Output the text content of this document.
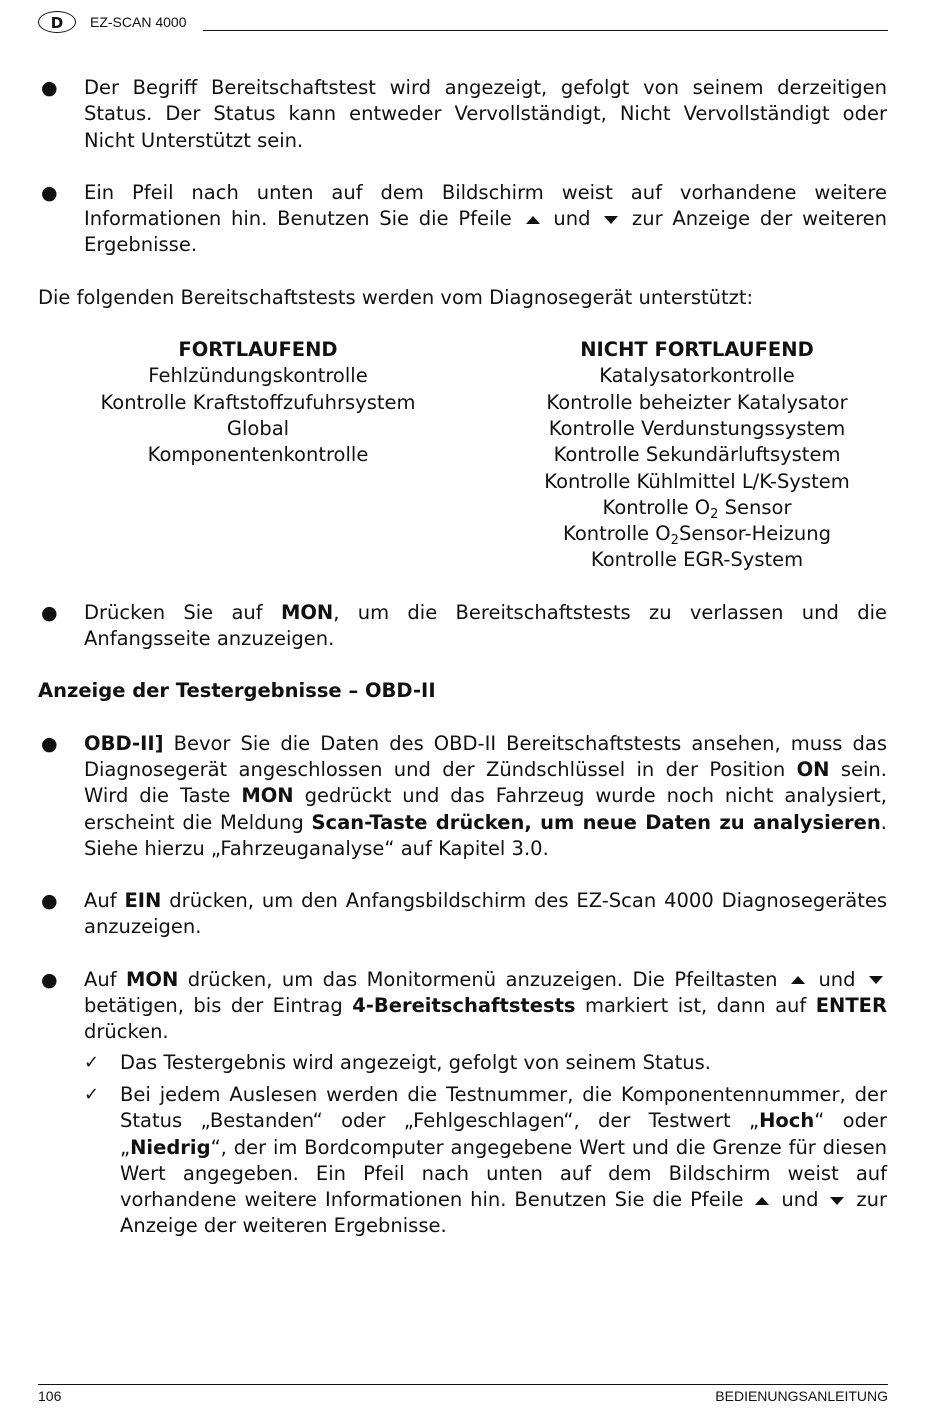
D	EZ-SCAN 4000
● Der Begriff Bereitschaftstest wird angezeigt, gefolgt von seinem derzeitigen Status. Der Status kann entweder Vervollständigt, Nicht Vervollständigt oder Nicht Unterstützt sein.

● Ein Pfeil nach unten auf dem Bildschirm weist auf vorhandene weitere Informationen hin. Benutzen Sie die Pfeile und zur Anzeige der weiteren Ergebnisse.

Die folgenden Bereitschaftstests werden vom Diagnosegerät unterstützt:

FORTLAUFEND
Fehlzündungskontrolle
Kontrolle Kraftstoffzufuhrsystem
Global
Komponentenkontrolle
NICHT FORTLAUFEND
Katalysatorkontrolle
Kontrolle beheizter Katalysator
Kontrolle Verdunstungssystem
Kontrolle Sekundärluftsystem
Kontrolle Kühlmittel L/K-System
Kontrolle $O_2$ Sensor
Kontrolle $O_2Sensor$-Heizung
Kontrolle EGR-System
● Drücken Sie auf MON, um die Bereitschaftstests zu verlassen und die Anfangsseite anzuzeigen.

Anzeige der Testergebnisse – OBD-II

● OBD-II] Bevor Sie die Daten des OBD-II Bereitschaftstests ansehen, muss das Diagnosegerät angeschlossen und der Zündschlüssel in der Position ON sein. Wird die Taste MON gedrückt und das Fahrzeug wurde noch nicht analysiert, erscheint die Meldung Scan-Taste drücken, um neue Daten zu analysieren. Siehe hierzu „Fahrzeuganalyse“ auf Kapitel 3.0.

● Auf EIN drücken, um den Anfangsbildschirm des EZ-Scan 4000 Diagnosegerätes anzuzeigen.

● Auf MON drücken, um das Monitormenü anzuzeigen. Die Pfeiltasten und  betätigen, bis der Eintrag 4-Bereitschaftstests markiert ist, dann auf ENTER drücken.

✓ Das Testergebnis wird angezeigt, gefolgt von seinem Status.
✓ Bei jedem Auslesen werden die Testnummer, die Komponentennummer, der Status „Bestanden“ oder „Fehlgeschlagen“, der Testwert „Hoch“ oder „Niedrig“, der im Bordcomputer angegebene Wert und die Grenze für diesen Wert angegeben. Ein Pfeil nach unten auf dem Bildschirm weist auf vorhandene weitere Informationen hin. Benutzen Sie die Pfeile und zur Anzeige der weiteren Ergebnisse.
106	BEDIENUNGSANLEITUNG
